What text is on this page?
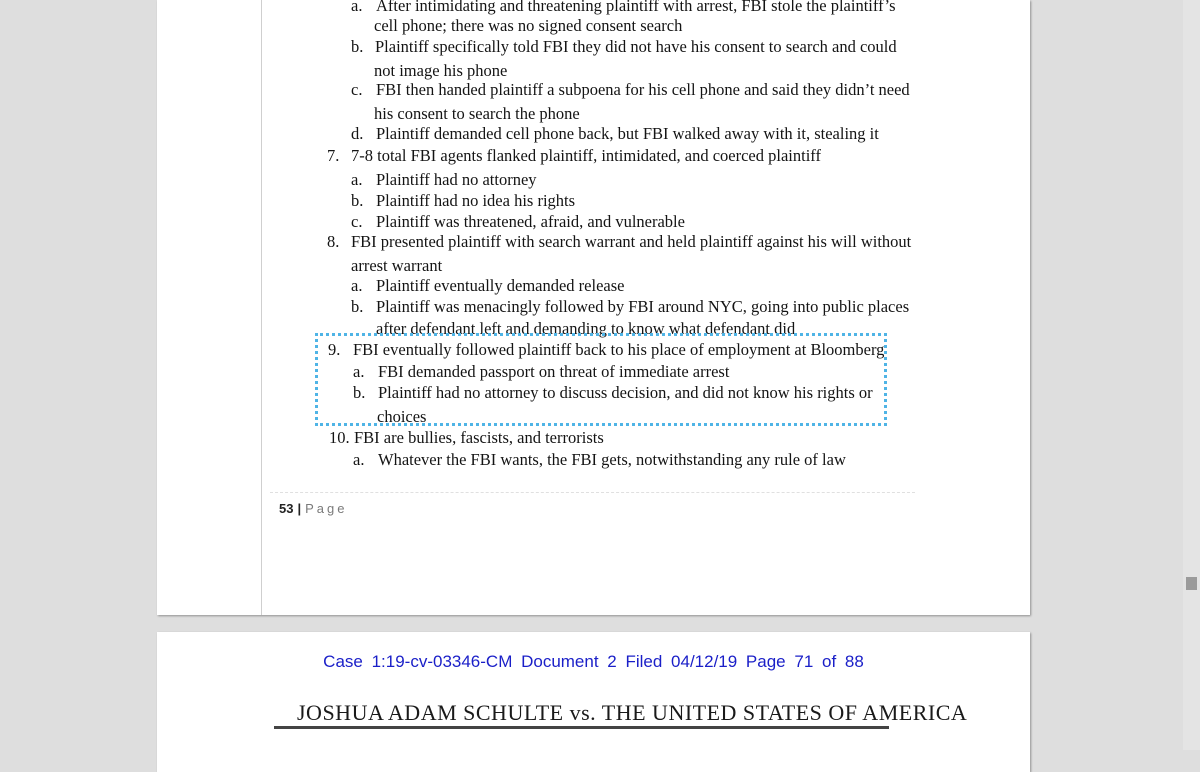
a. After intimidating and threatening plaintiff with arrest, FBI stole the plaintiff’s
cell phone; there was no signed consent search
b. Plaintiff specifically told FBI they did not have his consent to search and could
not image his phone
c. FBI then handed plaintiff a subpoena for his cell phone and said they didn’t need
his consent to search the phone
d. Plaintiff demanded cell phone back, but FBI walked away with it, stealing it
7. 7-8 total FBI agents flanked plaintiff, intimidated, and coerced plaintiff
a. Plaintiff had no attorney
b. Plaintiff had no idea his rights
c. Plaintiff was threatened, afraid, and vulnerable
8. FBI presented plaintiff with search warrant and held plaintiff against his will without
arrest warrant
a. Plaintiff eventually demanded release
b. Plaintiff was menacingly followed by FBI around NYC, going into public places
after defendant left and demanding to know what defendant did
9. FBI eventually followed plaintiff back to his place of employment at Bloomberg
a. FBI demanded passport on threat of immediate arrest
b. Plaintiff had no attorney to discuss decision, and did not know his rights or
choices
10. FBI are bullies, fascists, and terrorists
a. Whatever the FBI wants, the FBI gets, notwithstanding any rule of law
53 | Page
Case 1:19-cv-03346-CM Document 2 Filed 04/12/19 Page 71 of 88
JOSHUA ADAM SCHULTE vs. THE UNITED STATES OF AMERICA
